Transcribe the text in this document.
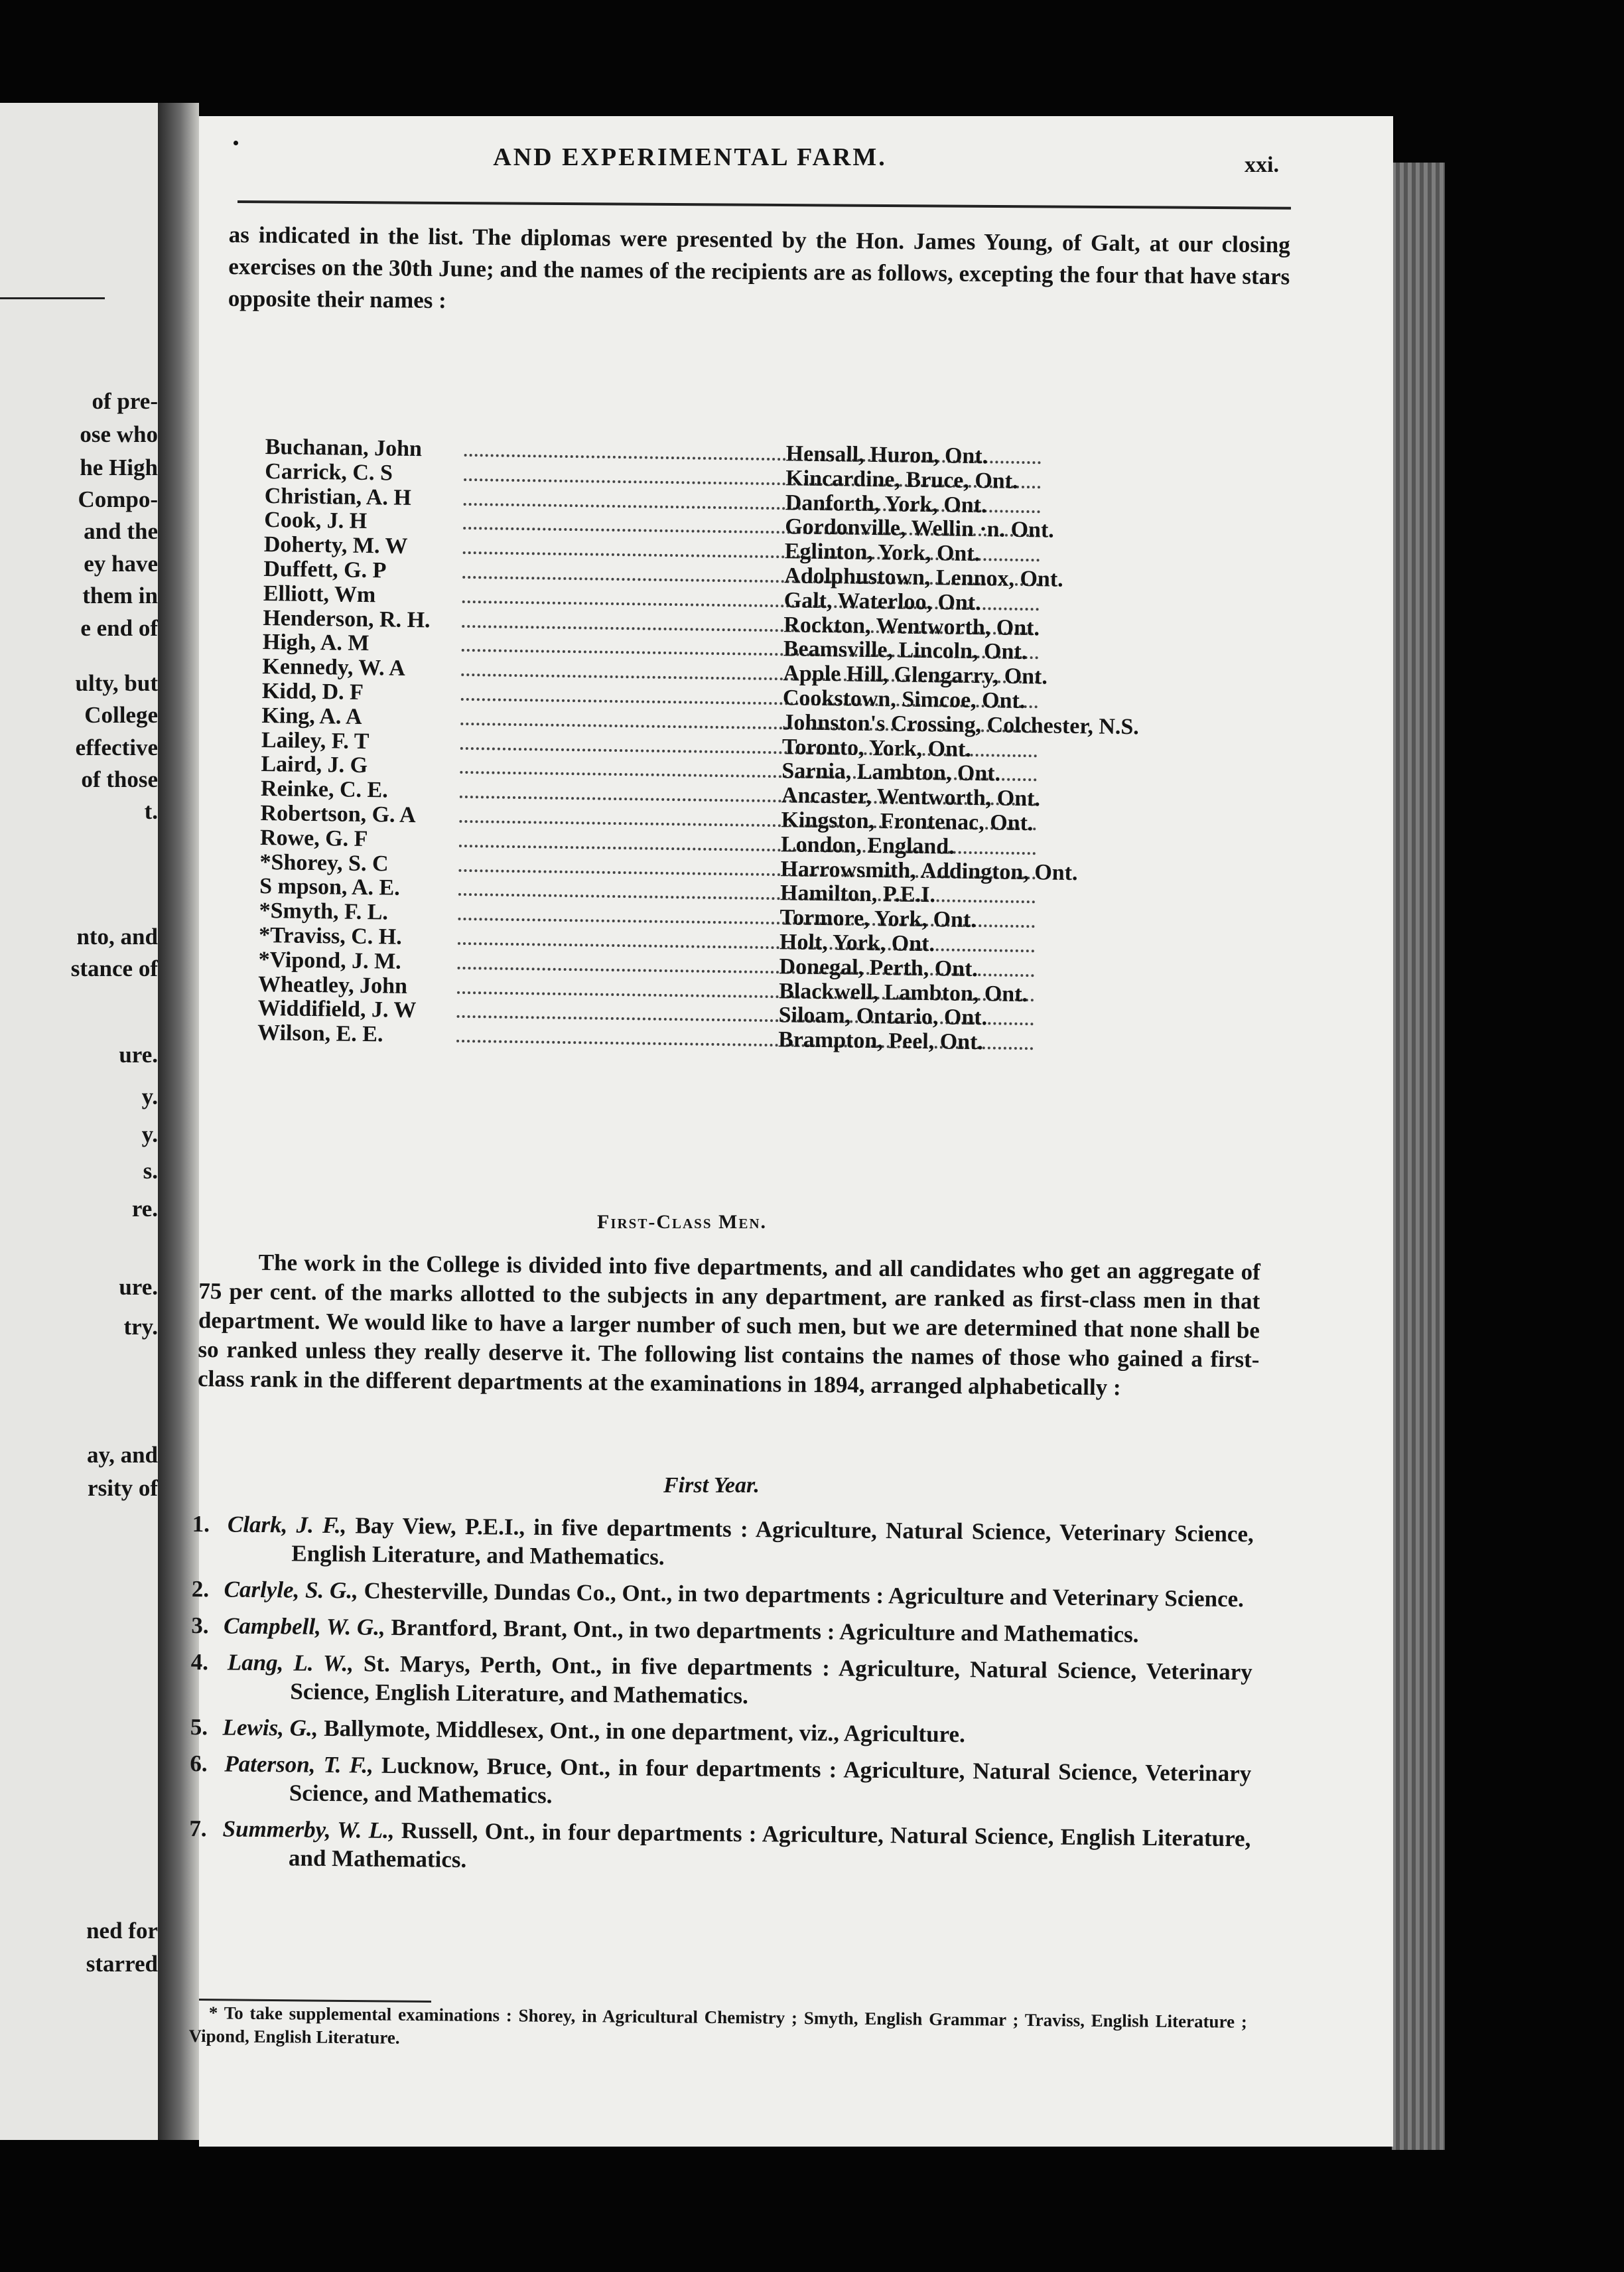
of pre-
ose who
he High
Compo-
and the
ey have
them in
e end of
ulty, but
College
effective
of those
t.
nto, and
stance of
ure.
y.
y.
s.
re.
ure.
try.
ay, and
rsity of
ned for
starred
AND EXPERIMENTAL FARM.	xxi.
as indicated in the list. The diplomas were presented by the Hon. James Young, of Galt, at our closing exercises on the 30th June; and the names of the recipients are as follows, excepting the four that have stars opposite their names :
Buchanan, John	Hensall, Huron, Ont.
Carrick, C. S	Kincardine, Bruce, Ont.
Christian, A. H	Danforth, York, Ont.
Cook, J. H	Gordonville, Wellin ·n. Ont.
Doherty, M. W	Eglinton, York, Ont.
Duffett, G. P	Adolphustown, Lennox, Ont.
Elliott, Wm	Galt, Waterloo, Ont.
Henderson, R. H.	Rockton, Wentworth, Ont.
High, A. M	Beamsville, Lincoln, Ont.
Kennedy, W. A	Apple Hill, Glengarry, Ont.
Kidd, D. F	Cookstown, Simcoe, Ont.
King, A. A	Johnston's Crossing, Colchester, N.S.
Lailey, F. T	Toronto, York, Ont.
Laird, J. G	Sarnia, Lambton, Ont.
Reinke, C. E.	Ancaster, Wentworth, Ont.
Robertson, G. A	Kingston, Frontenac, Ont.
Rowe, G. F	London, England.
*Shorey, S. C	Harrowsmith, Addington, Ont.
S mpson, A. E.	Hamilton, P.E.I.
*Smyth, F. L.	Tormore, York, Ont.
*Traviss, C. H.	Holt, York, Ont.
*Vipond, J. M.	Donegal, Perth, Ont.
Wheatley, John	Blackwell, Lambton, Ont.
Widdifield, J. W	Siloam, Ontario, Ont.
Wilson, E. E.	Brampton, Peel, Ont.
First-Class Men.
The work in the College is divided into five departments, and all candidates who get an aggregate of 75 per cent. of the marks allotted to the subjects in any department, are ranked as first-class men in that department. We would like to have a larger number of such men, but we are determined that none shall be so ranked unless they really deserve it. The following list contains the names of those who gained a first-class rank in the different departments at the examinations in 1894, arranged alphabetically :
First Year.
1. Clark, J. F., Bay View, P.E.I., in five departments : Agriculture, Natural Science, Veterinary Science, English Literature, and Mathematics.
2. Carlyle, S. G., Chesterville, Dundas Co., Ont., in two departments : Agriculture and Veterinary Science.
3. Campbell, W. G., Brantford, Brant, Ont., in two departments : Agriculture and Mathematics.
4. Lang, L. W., St. Marys, Perth, Ont., in five departments : Agriculture, Natural Science, Veterinary Science, English Literature, and Mathematics.
5. Lewis, G., Ballymote, Middlesex, Ont., in one department, viz., Agriculture.
6. Paterson, T. F., Lucknow, Bruce, Ont., in four departments : Agriculture, Natural Science, Veterinary Science, and Mathematics.
7. Summerby, W. L., Russell, Ont., in four departments : Agriculture, Natural Science, English Literature, and Mathematics.
* To take supplemental examinations : Shorey, in Agricultural Chemistry ; Smyth, English Grammar ; Traviss, English Literature ; Vipond, English Literature.
